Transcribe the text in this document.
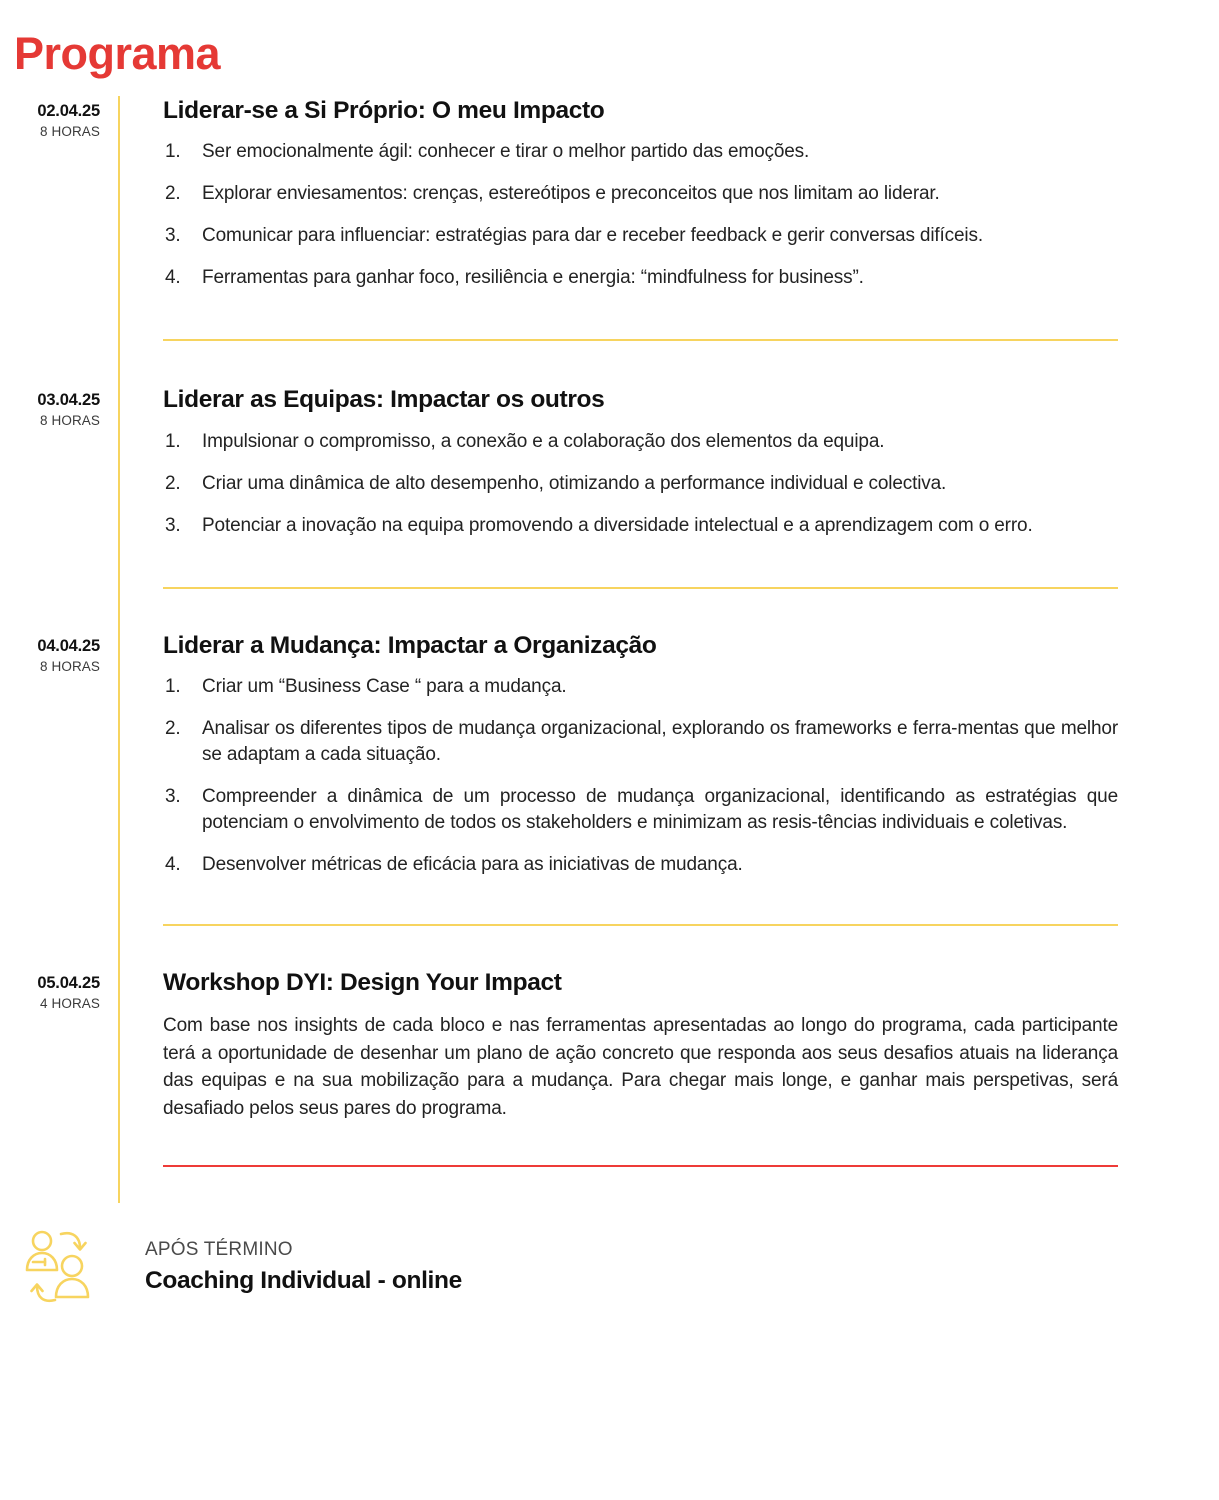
Programa
02.04.25
8 HORAS
Liderar-se a Si Próprio: O meu Impacto
Ser emocionalmente ágil: conhecer e tirar o melhor partido das emoções.
Explorar enviesamentos: crenças, estereótipos e preconceitos que nos limitam ao liderar.
Comunicar para influenciar: estratégias para dar e receber feedback e gerir conversas difíceis.
Ferramentas para ganhar foco, resiliência e energia: “mindfulness for business”.
03.04.25
8 HORAS
Liderar as Equipas: Impactar os outros
Impulsionar o compromisso, a conexão e a colaboração dos elementos da equipa.
Criar uma dinâmica de alto desempenho, otimizando a performance individual e colectiva.
Potenciar a inovação na equipa promovendo a diversidade intelectual e a aprendizagem com o erro.
04.04.25
8 HORAS
Liderar a Mudança: Impactar a Organização
Criar um “Business Case “ para a mudança.
Analisar os diferentes tipos de mudança organizacional, explorando os frameworks e ferra-mentas que melhor se adaptam a cada situação.
Compreender a dinâmica de um processo de mudança organizacional, identificando as estratégias que potenciam o envolvimento de todos os stakeholders e minimizam as resis-tências individuais e coletivas.
Desenvolver métricas de eficácia para as iniciativas de mudança.
05.04.25
4 HORAS
Workshop DYI: Design Your Impact

Com base nos insights de cada bloco e nas ferramentas apresentadas ao longo do programa, cada participante terá a oportunidade de desenhar um plano de ação concreto que responda aos seus desafios atuais na liderança das equipas e na sua mobilização para a mudança. Para chegar mais longe, e ganhar mais perspetivas, será desafiado pelos seus pares do programa.

APÓS TÉRMINO
Coaching Individual - online
